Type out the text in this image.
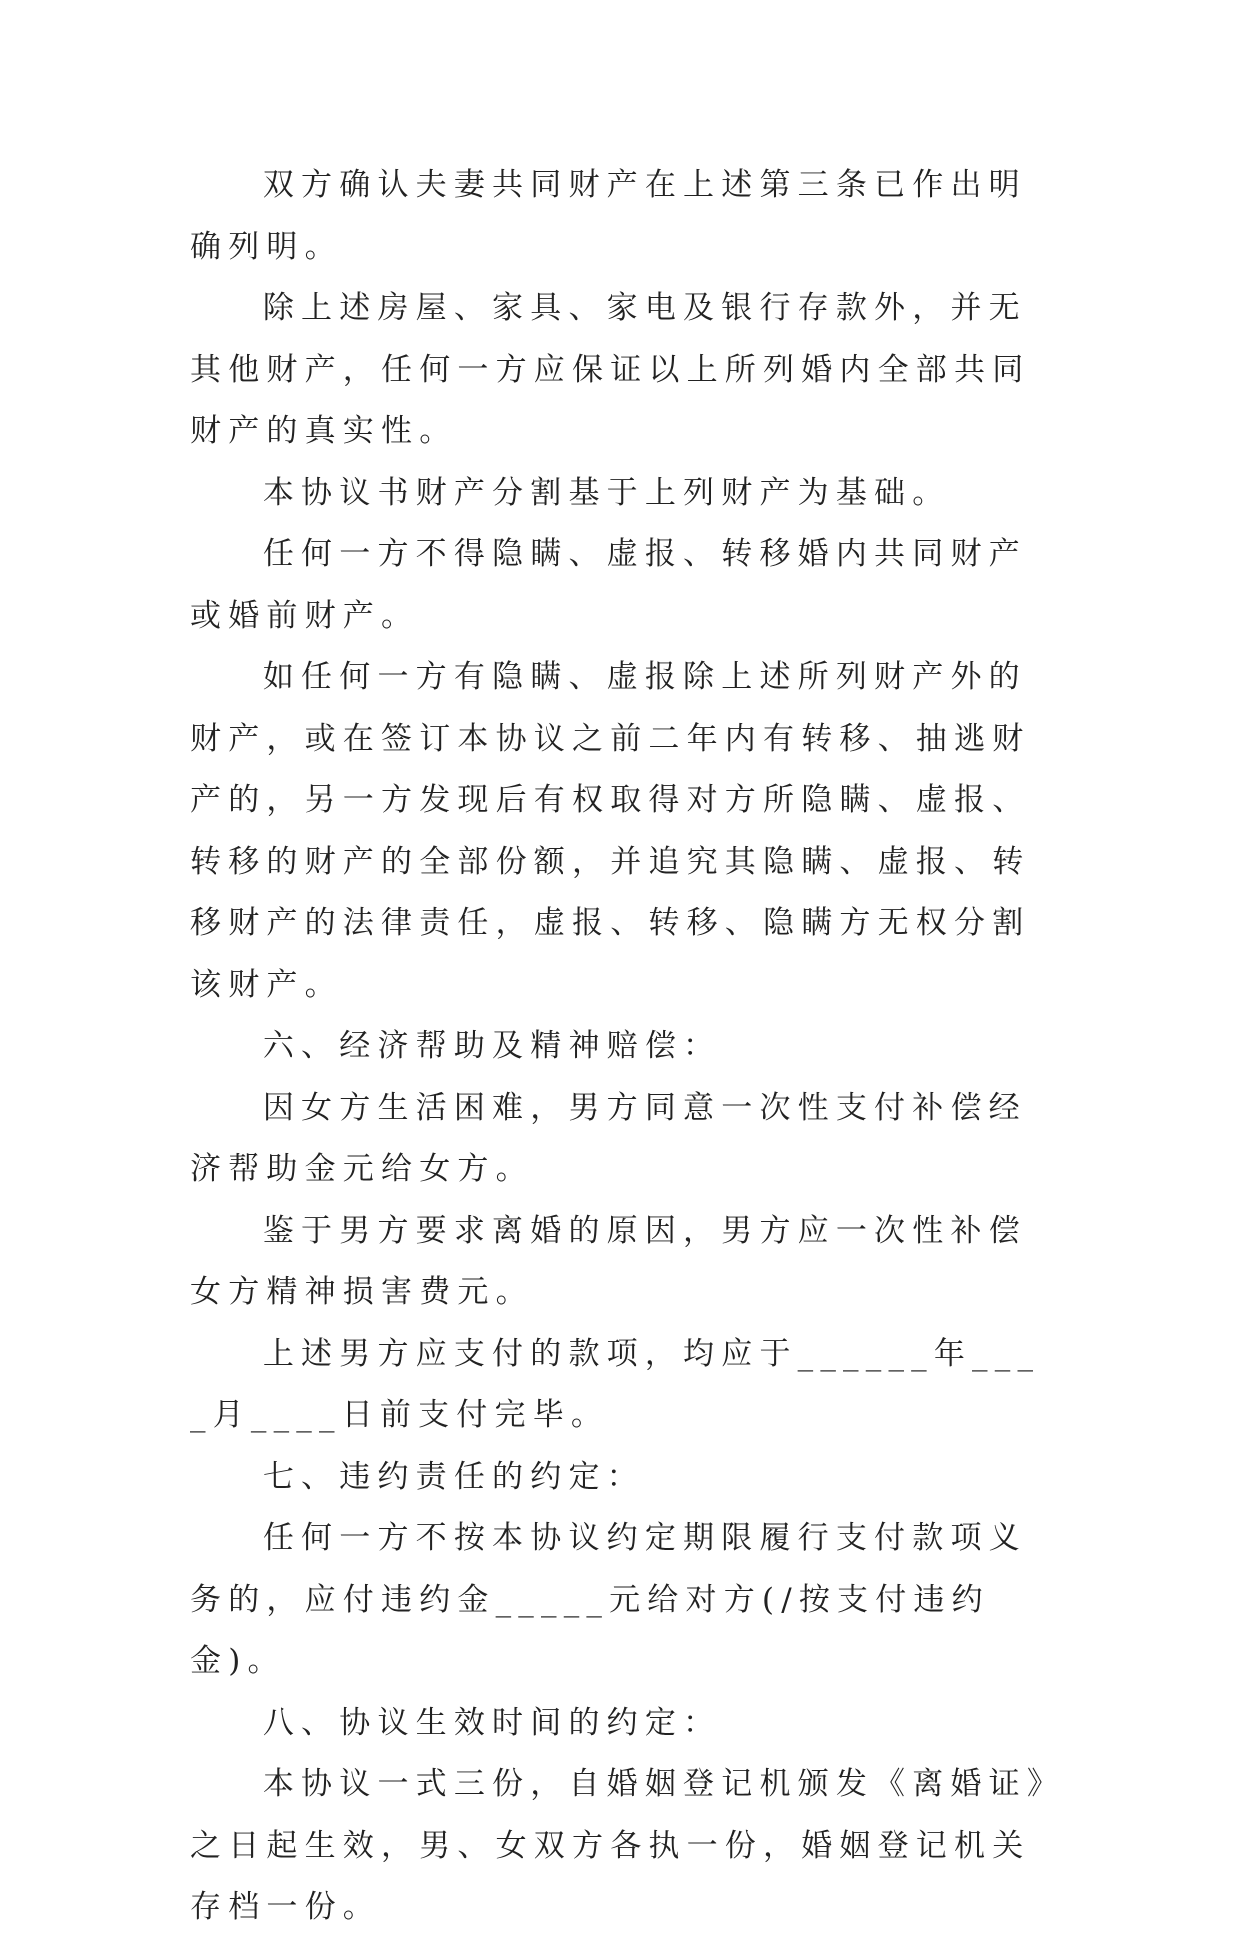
双方确认夫妻共同财产在上述第三条已作出明确列明。

除上述房屋、家具、家电及银行存款外，并无其他财产，任何一方应保证以上所列婚内全部共同财产的真实性。

本协议书财产分割基于上列财产为基础。

任何一方不得隐瞒、虚报、转移婚内共同财产或婚前财产。

如任何一方有隐瞒、虚报除上述所列财产外的财产，或在签订本协议之前二年内有转移、抽逃财产的，另一方发现后有权取得对方所隐瞒、虚报、转移的财产的全部份额，并追究其隐瞒、虚报、转移财产的法律责任，虚报、转移、隐瞒方无权分割该财产。

六、经济帮助及精神赔偿：

因女方生活困难，男方同意一次性支付补偿经济帮助金元给女方。

鉴于男方要求离婚的原因，男方应一次性补偿女方精神损害费元。

上述男方应支付的款项，均应于______年____月____日前支付完毕。

七、违约责任的约定：

任何一方不按本协议约定期限履行支付款项义务的，应付违约金_____元给对方(/按支付违约金)。

八、协议生效时间的约定：

本协议一式三份，自婚姻登记机颁发《离婚证》之日起生效，男、女双方各执一份，婚姻登记机关存档一份。
